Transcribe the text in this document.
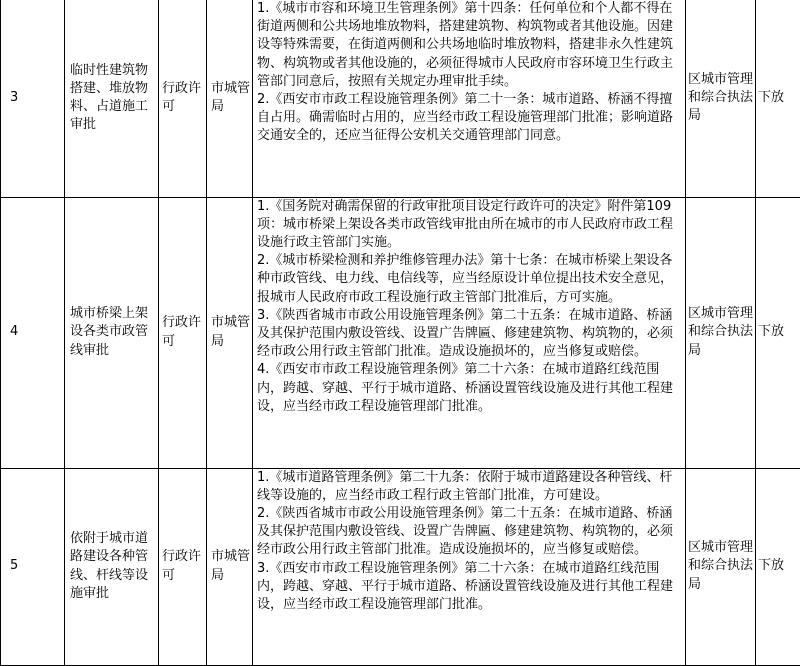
3	临时性建筑物搭建、堆放物料、占道施工审批	行政许可	市城管局	1.《城市市容和环境卫生管理条例》第十四条：任何单位和个人都不得在街道两侧和公共场地堆放物料，搭建建筑物、构筑物或者其他设施。因建设等特殊需要，在街道两侧和公共场地临时堆放物料，搭建非永久性建筑物、构筑物或者其他设施的，必须征得城市人民政府市容环境卫生行政主管部门同意后，按照有关规定办理审批手续。

2.《西安市市政工程设施管理条例》第二十一条：城市道路、桥涵不得擅自占用。确需临时占用的，应当经市政工程设施管理部门批准；影响道路交通安全的，还应当征得公安机关交通管理部门同意。	区城市管理和综合执法局	下放
4	城市桥梁上架设各类市政管线审批	行政许可	市城管局	1.《国务院对确需保留的行政审批项目设定行政许可的决定》附件第109项：城市桥梁上架设各类市政管线审批由所在城市的市人民政府市政工程设施行政主管部门实施。

2.《城市桥梁检测和养护维修管理办法》第十七条：在城市桥梁上架设各种市政管线、电力线、电信线等，应当经原设计单位提出技术安全意见，报城市人民政府市政工程设施行政主管部门批准后，方可实施。

3.《陕西省城市市政公用设施管理条例》第二十五条：在城市道路、桥涵及其保护范围内敷设管线、设置广告牌匾、修建建筑物、构筑物的，必须经市政公用行政主管部门批准。造成设施损坏的，应当修复或赔偿。

4.《西安市市政工程设施管理条例》第二十六条：在城市道路红线范围内，跨越、穿越、平行于城市道路、桥涵设置管线设施及进行其他工程建设，应当经市政工程设施管理部门批准。	区城市管理和综合执法局	下放
5	依附于城市道路建设各种管线、杆线等设施审批	行政许可	市城管局	1.《城市道路管理条例》第二十九条：依附于城市道路建设各种管线、杆线等设施的，应当经市政工程行政主管部门批准，方可建设。

2.《陕西省城市市政公用设施管理条例》第二十五条：在城市道路、桥涵及其保护范围内敷设管线、设置广告牌匾、修建建筑物、构筑物的，必须经市政公用行政主管部门批准。造成设施损坏的，应当修复或赔偿。

3.《西安市市政工程设施管理条例》第二十六条：在城市道路红线范围内，跨越、穿越、平行于城市道路、桥涵设置管线设施及进行其他工程建设，应当经市政工程设施管理部门批准。	区城市管理和综合执法局	下放
